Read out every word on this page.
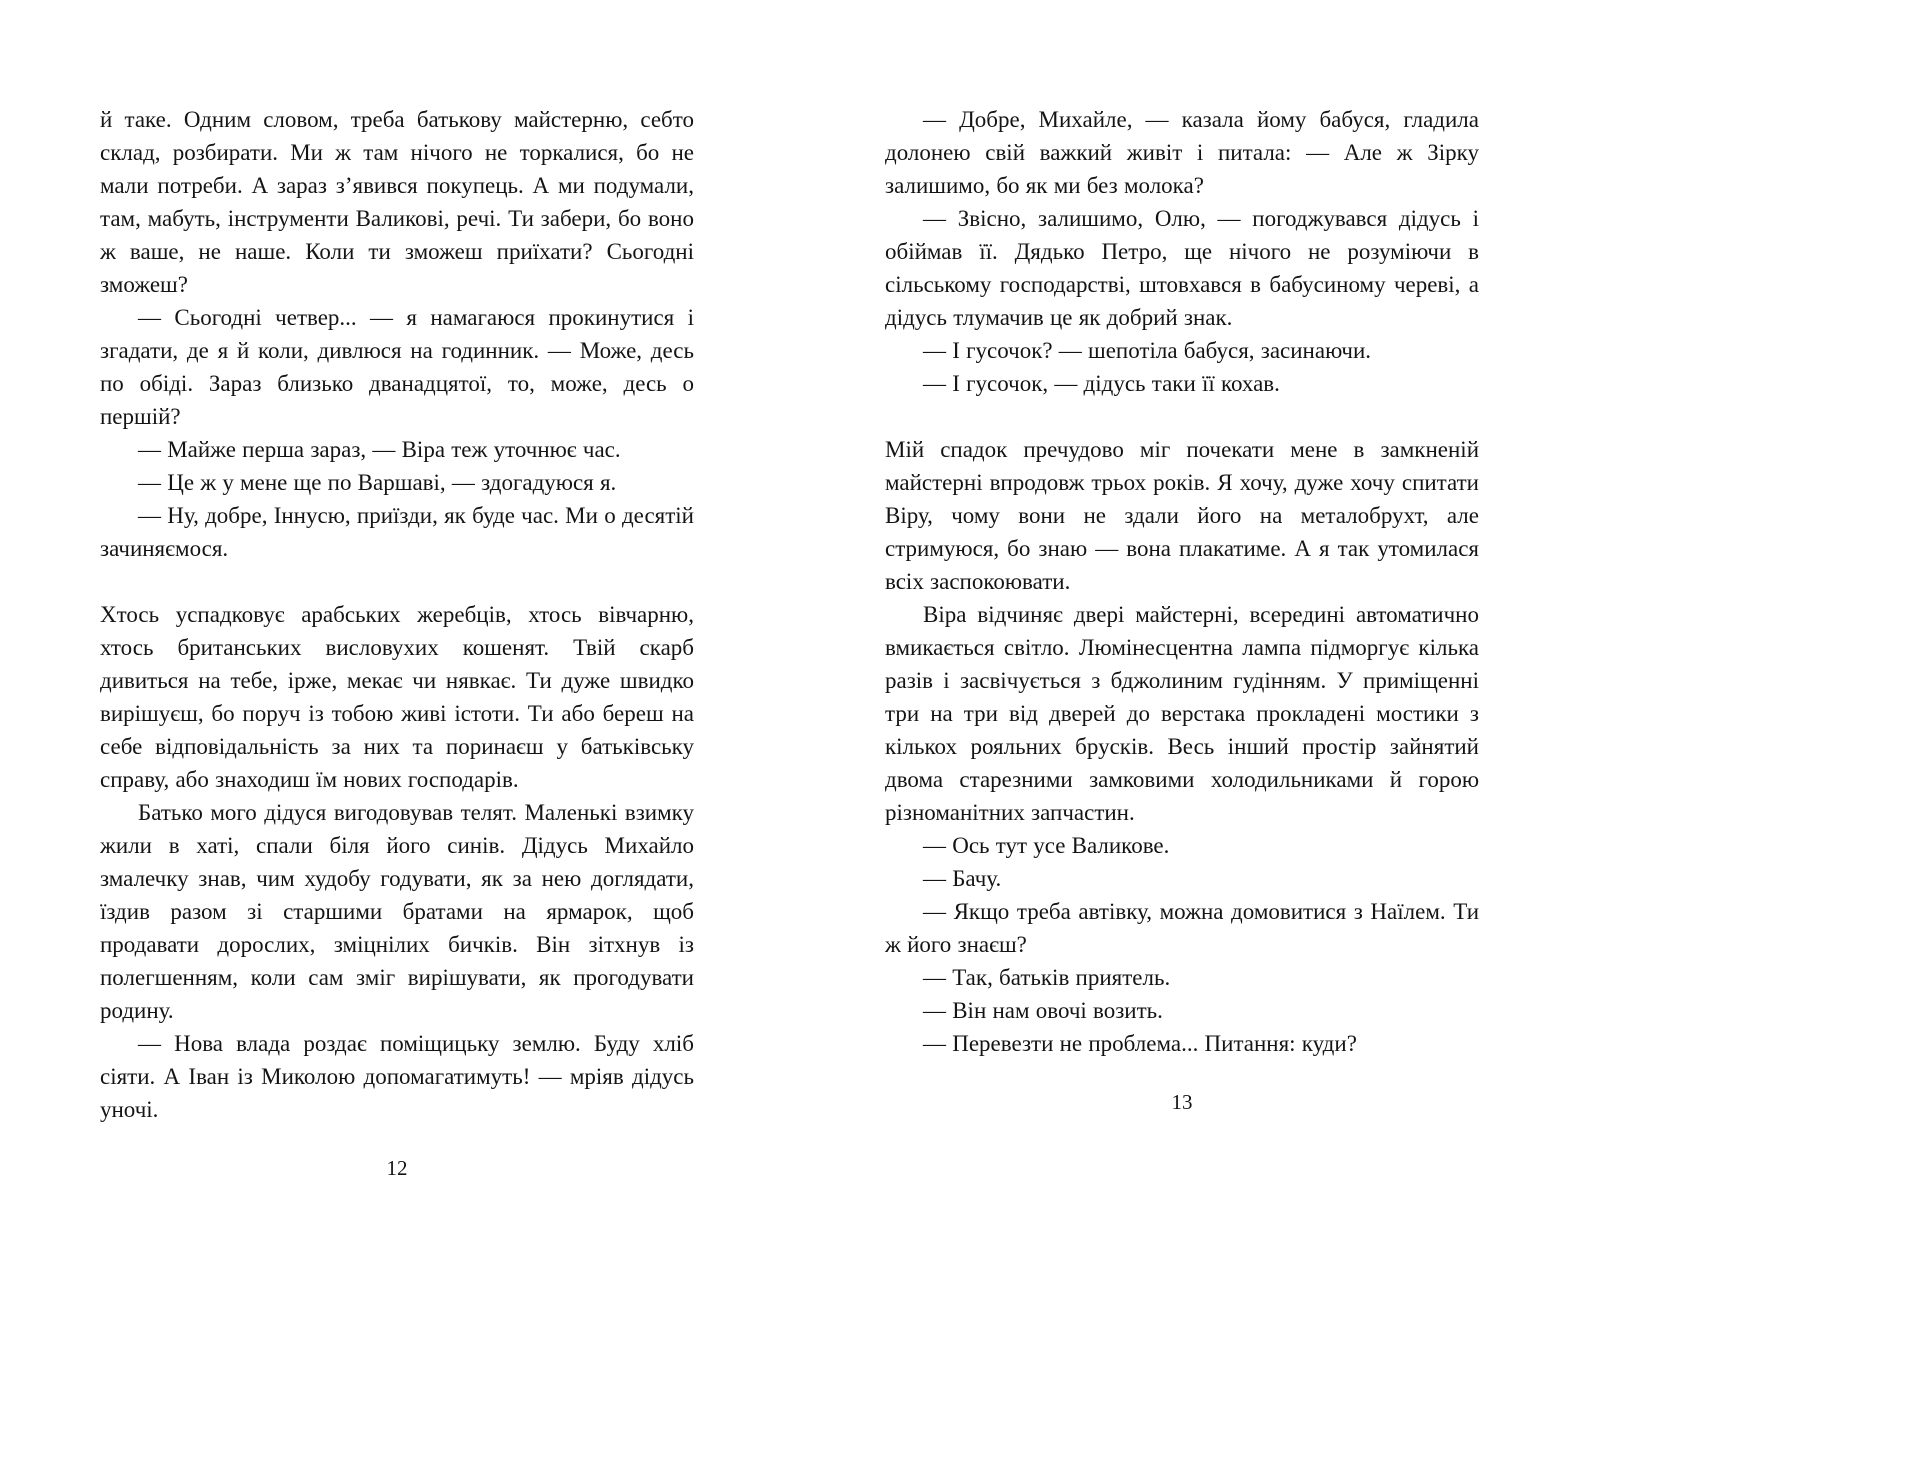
й таке. Одним словом, треба батькову майстерню, себто склад, розбирати. Ми ж там нічого не торкалися, бо не мали потреби. А зараз з’явився покупець. А ми подумали, там, мабуть, інструменти Валикові, речі. Ти забери, бо воно ж ваше, не наше. Коли ти зможеш приїхати? Сьогодні зможеш?

— Сьогодні четвер... — я намагаюся прокинутися і згадати, де я й коли, дивлюся на годинник. — Може, десь по обіді. Зараз близько дванадцятої, то, може, десь о першій?

— Майже перша зараз, — Віра теж уточнює час.

— Це ж у мене ще по Варшаві, — здогадуюся я.

— Ну, добре, Іннусю, приїзди, як буде час. Ми о десятій зачиняємося.

Хтось успадковує арабських жеребців, хтось вівчарню, хтось британських висловухих кошенят. Твій скарб дивиться на тебе, ірже, мекає чи нявкає. Ти дуже швидко вирішуєш, бо поруч із тобою живі істоти. Ти або береш на себе відповідальність за них та поринаєш у батьківську справу, або знаходиш їм нових господарів.

Батько мого дідуся вигодовував телят. Маленькі взимку жили в хаті, спали біля його синів. Дідусь Михайло змалечку знав, чим худобу годувати, як за нею доглядати, їздив разом зі старшими братами на ярмарок, щоб продавати дорослих, зміцнілих бичків. Він зітхнув із полегшенням, коли сам зміг вирішувати, як прогодувати родину.

— Нова влада роздає поміщицьку землю. Буду хліб сіяти. А Іван із Миколою допомагатимуть! — мріяв дідусь уночі.

12

— Добре, Михайле, — казала йому бабуся, гладила долонею свій важкий живіт і питала: — Але ж Зірку залишимо, бо як ми без молока?

— Звісно, залишимо, Олю, — погоджувався дідусь і обіймав її. Дядько Петро, ще нічого не розуміючи в сільському господарстві, штовхався в бабусиному череві, а дідусь тлумачив це як добрий знак.

— І гусочок? — шепотіла бабуся, засинаючи.

— І гусочок, — дідусь таки її кохав.

Мій спадок пречудово міг почекати мене в замкненій майстерні впродовж трьох років. Я хочу, дуже хочу спитати Віру, чому вони не здали його на металобрухт, але стримуюся, бо знаю — вона плакатиме. А я так утомилася всіх заспокоювати.

Віра відчиняє двері майстерні, всередині автоматично вмикається світло. Люмінесцентна лампа підморгує кілька разів і засвічується з бджолиним гудінням. У приміщенні три на три від дверей до верстака прокладені мостики з кількох рояльних брусків. Весь інший простір зайнятий двома старезними замковими холодильниками й горою різноманітних запчастин.

— Ось тут усе Валикове.

— Бачу.

— Якщо треба автівку, можна домовитися з Наїлем. Ти ж його знаєш?

— Так, батьків приятель.

— Він нам овочі возить.

— Перевезти не проблема... Питання: куди?

13
